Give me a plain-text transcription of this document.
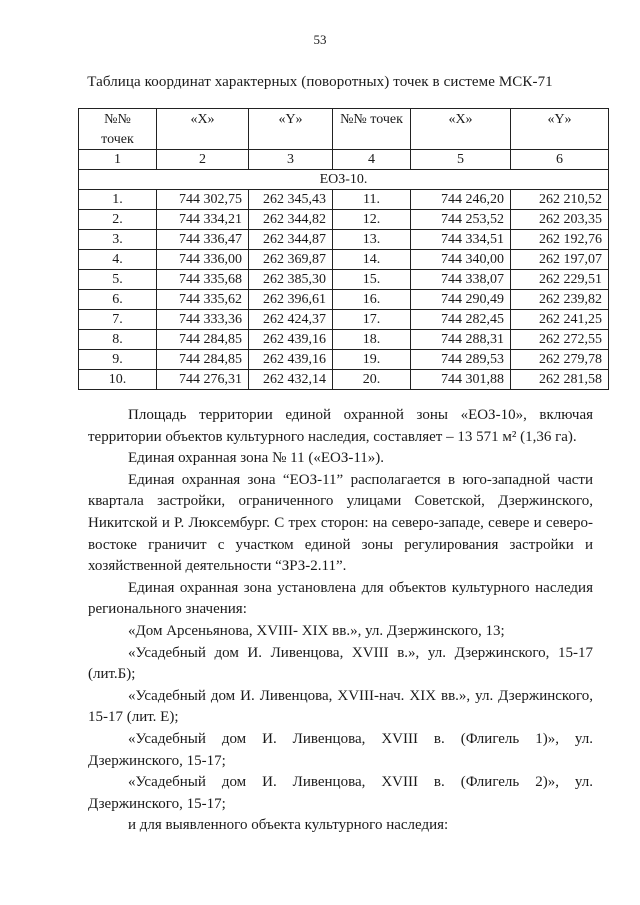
53
Таблица координат характерных (поворотных) точек в системе МСК-71
№№	«X»	«Y»	№№ точек	«X»	«Y»
точек					
1	2	3	4	5	6
ЕОЗ-10.					
1.	744 302,75	262 345,43	11.	744 246,20	262 210,52
2.	744 334,21	262 344,82	12.	744 253,52	262 203,35
3.	744 336,47	262 344,87	13.	744 334,51	262 192,76
4.	744 336,00	262 369,87	14.	744 340,00	262 197,07
5.	744 335,68	262 385,30	15.	744 338,07	262 229,51
6.	744 335,62	262 396,61	16.	744 290,49	262 239,82
7.	744 333,36	262 424,37	17.	744 282,45	262 241,25
8.	744 284,85	262 439,16	18.	744 288,31	262 272,55
9.	744 284,85	262 439,16	19.	744 289,53	262 279,78
10.	744 276,31	262 432,14	20.	744 301,88	262 281,58

Площадь территории единой охранной зоны «ЕОЗ-10», включая территории объектов культурного наследия, составляет – 13 571 м² (1,36 га).

Единая охранная зона № 11 («ЕОЗ-11»).

Единая охранная зона “ЕОЗ-11” располагается в юго-западной части квартала застройки, ограниченного улицами Советской, Дзержинского, Никитской и Р. Люксембург. С трех сторон: на северо-западе, севере и северо-востоке граничит с участком единой зоны регулирования застройки и хозяйственной деятельности “ЗРЗ-2.11”.

Единая охранная зона установлена для объектов культурного наследия регионального значения:

«Дом Арсеньянова, XVIII- XIX вв.», ул. Дзержинского, 13;

«Усадебный дом И. Ливенцова, XVIII в.», ул. Дзержинского, 15-17 (лит.Б);

«Усадебный дом И. Ливенцова, XVIII-нач. XIX вв.», ул. Дзержинского, 15-17 (лит. Е);

«Усадебный дом И. Ливенцова, XVIII в. (Флигель 1)», ул. Дзержинского, 15-17;

«Усадебный дом И. Ливенцова, XVIII в. (Флигель 2)», ул. Дзержинского, 15-17;

и для выявленного объекта культурного наследия:
